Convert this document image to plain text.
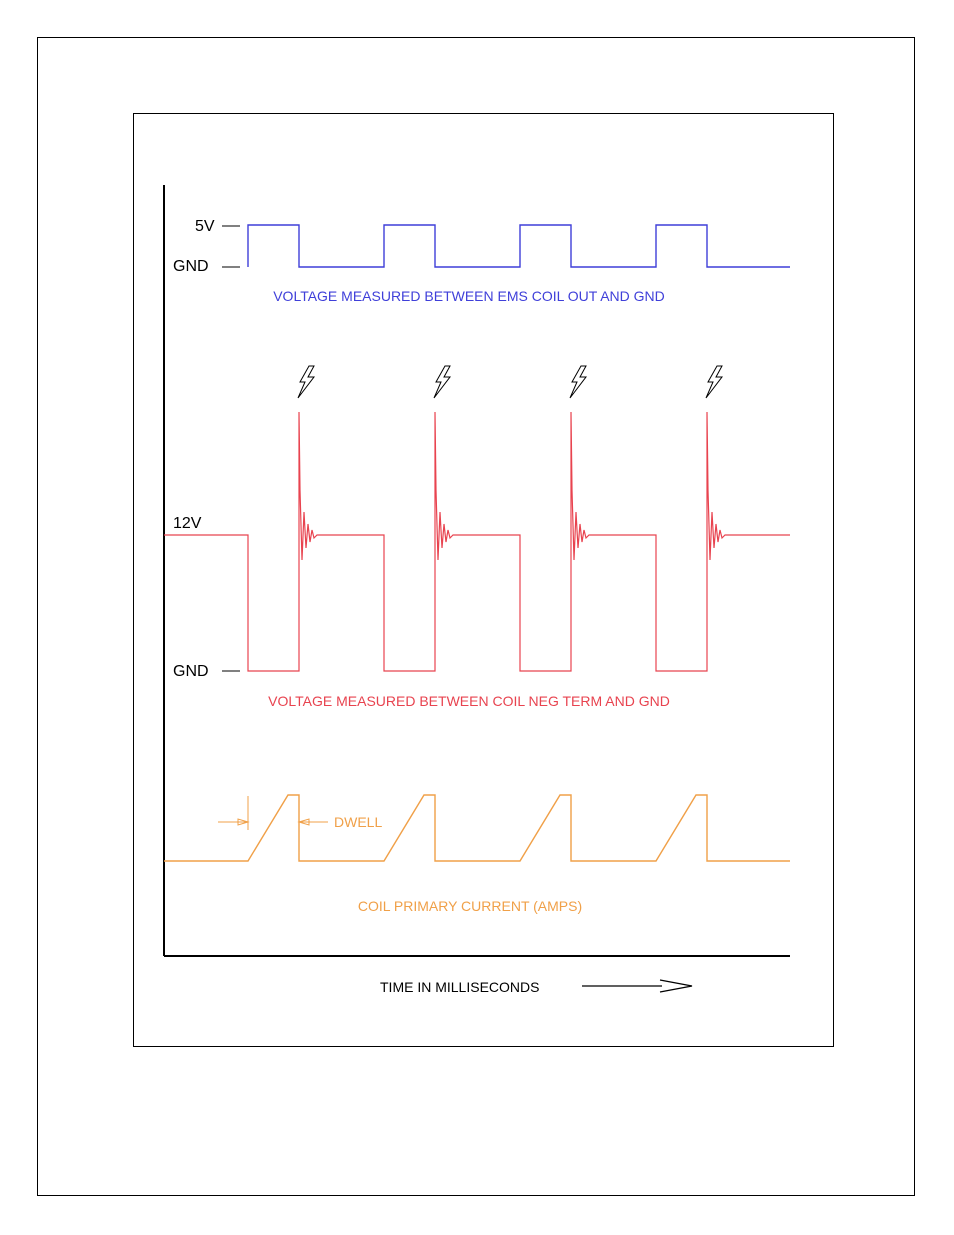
5V
GND
VOLTAGE MEASURED BETWEEN EMS COIL OUT AND GND
12V
GND
VOLTAGE MEASURED BETWEEN COIL NEG TERM AND GND
DWELL
COIL PRIMARY CURRENT (AMPS)
TIME IN MILLISECONDS
